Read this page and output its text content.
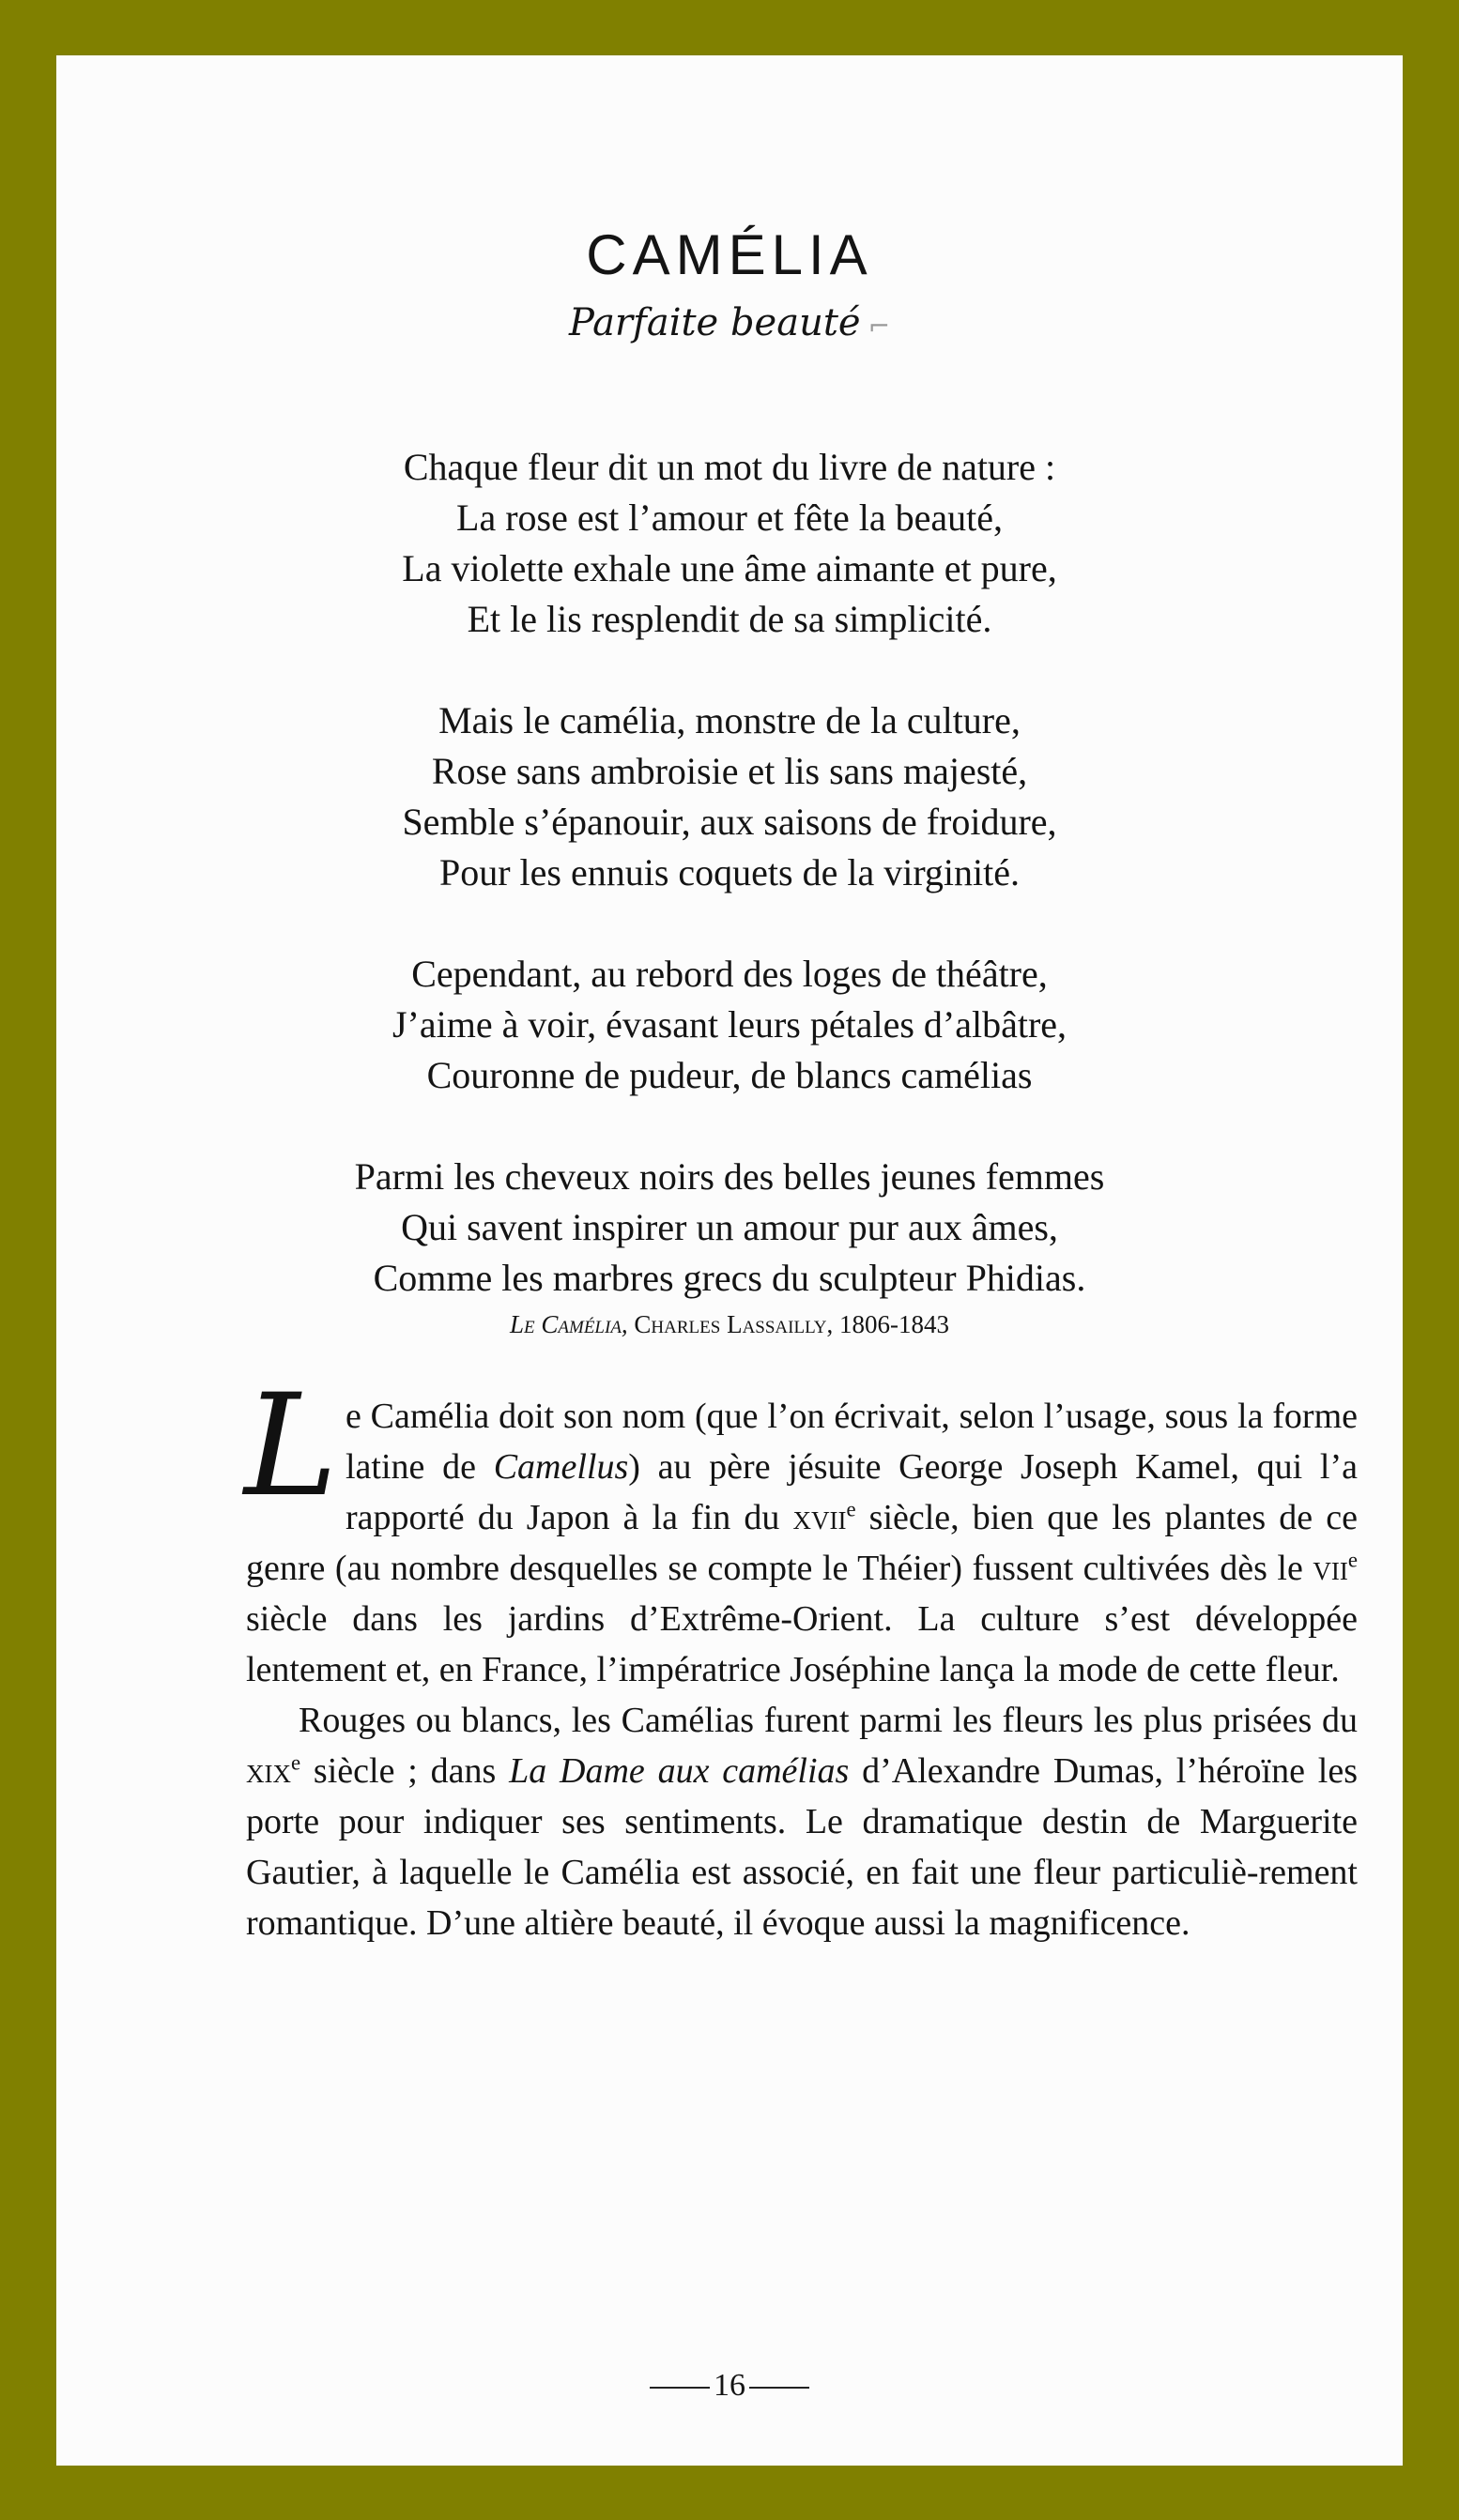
CAMÉLIA
Parfaite beauté ⌐
Chaque fleur dit un mot du livre de nature :
La rose est l’amour et fête la beauté,
La violette exhale une âme aimante et pure,
Et le lis resplendit de sa simplicité.
Mais le camélia, monstre de la culture,
Rose sans ambroisie et lis sans majesté,
Semble s’épanouir, aux saisons de froidure,
Pour les ennuis coquets de la virginité.
Cependant, au rebord des loges de théâtre,
J’aime à voir, évasant leurs pétales d’albâtre,
Couronne de pudeur, de blancs camélias
Parmi les cheveux noirs des belles jeunes femmes
Qui savent inspirer un amour pur aux âmes,
Comme les marbres grecs du sculpteur Phidias.
Le Camélia, Charles Lassailly, 1806-1843

Le Camélia doit son nom (que l’on écrivait, selon l’usage, sous la forme latine de Camellus) au père jésuite George Joseph Kamel, qui l’a rapporté du Japon à la fin du xvii$^e$ siècle, bien que les plantes de ce genre (au nombre desquelles se compte le Théier) fussent cultivées dès le vii$^e$ siècle dans les jardins d’Extrême-Orient. La culture s’est développée lentement et, en France, l’impératrice Joséphine lança la mode de cette fleur.

Rouges ou blancs, les Camélias furent parmi les fleurs les plus prisées du xix$^e$ siècle ; dans La Dame aux camélias d’Alexandre Dumas, l’héroïne les porte pour indiquer ses sentiments. Le dramatique destin de Marguerite Gautier, à laquelle le Camélia est associé, en fait une fleur particuliè-rement romantique. D’une altière beauté, il évoque aussi la magnificence.

16
